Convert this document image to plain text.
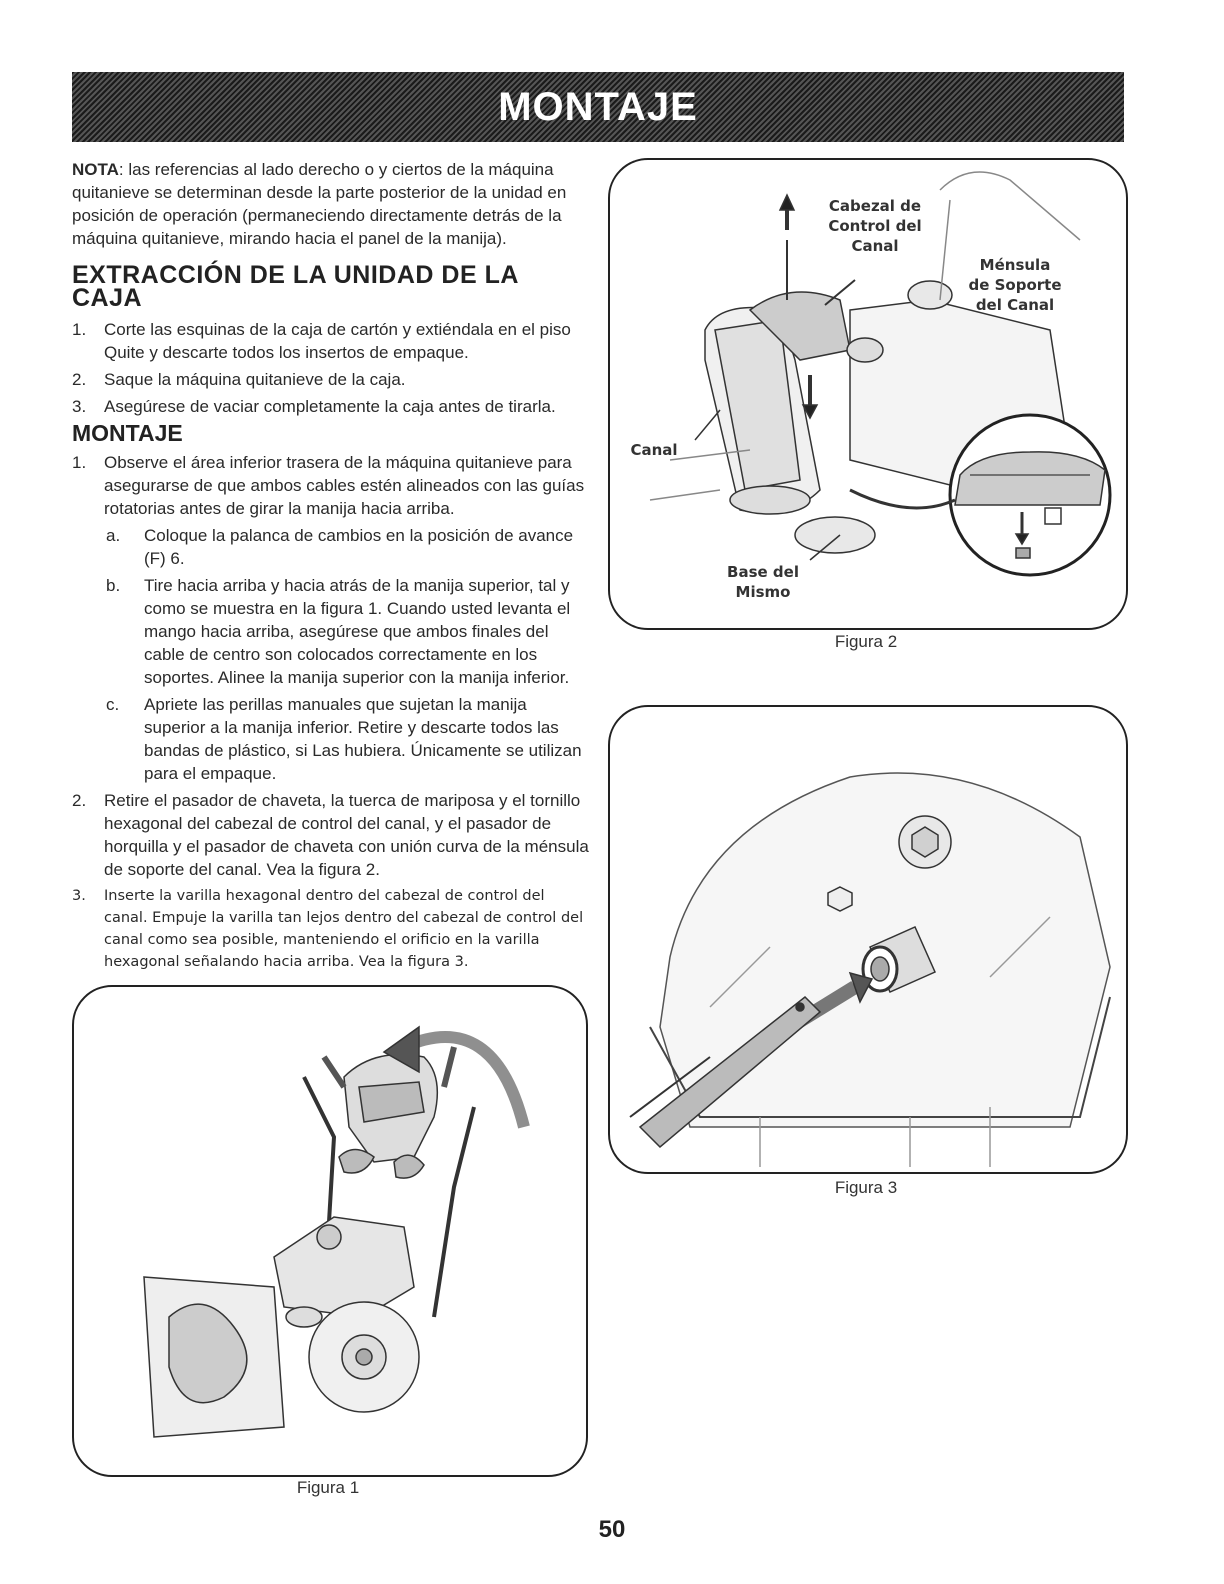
MONTAJE

NOTA: las referencias al lado derecho o y ciertos de la máquina quitanieve se determinan desde la parte posterior de la unidad en posición de operación (permaneciendo directamente detrás de la máquina quitanieve, mirando hacia el panel de la manija).

EXTRACCIÓN DE LA UNIDAD DE LA CAJA
1. Corte las esquinas de la caja de cartón y extiéndala en el piso Quite y descarte todos los insertos de empaque.
2. Saque la máquina quitanieve de la caja.
3. Asegúrese de vaciar completamente la caja antes de tirarla.
MONTAJE
1. Observe el área inferior trasera de la máquina quitanieve para asegurarse de que ambos cables estén alineados con las guías rotatorias antes de girar la manija hacia arriba.
a. Coloque la palanca de cambios en la posición de avance (F) 6.
b. Tire hacia arriba y hacia atrás de la manija superior, tal y como se muestra en la figura 1. Cuando usted levanta el mango hacia arriba, asegúrese que ambos finales del cable de centro son colocados correctamente en los soportes. Alinee la manija superior con la manija inferior.
c. Apriete las perillas manuales que sujetan la manija superior a la manija inferior. Retire y descarte todos las bandas de plástico, si Las hubiera. Únicamente se utilizan para el empaque.
2. Retire el pasador de chaveta, la tuerca de mariposa y el tornillo hexagonal del cabezal de control del canal, y el pasador de horquilla y el pasador de chaveta con unión curva de la ménsula de soporte del canal. Vea la figura 2.
3. Inserte la varilla hexagonal dentro del cabezal de control del canal. Empuje la varilla tan lejos dentro del cabezal de control del canal como sea posible, manteniendo el orificio en la varilla hexagonal señalando hacia arriba. Vea la figura 3.
Figura 1
Cabezal de
Control del
Canal
Ménsula
de Soporte
del Canal
Canal
Base del
Mismo
Figura 2
Figura 3
50
